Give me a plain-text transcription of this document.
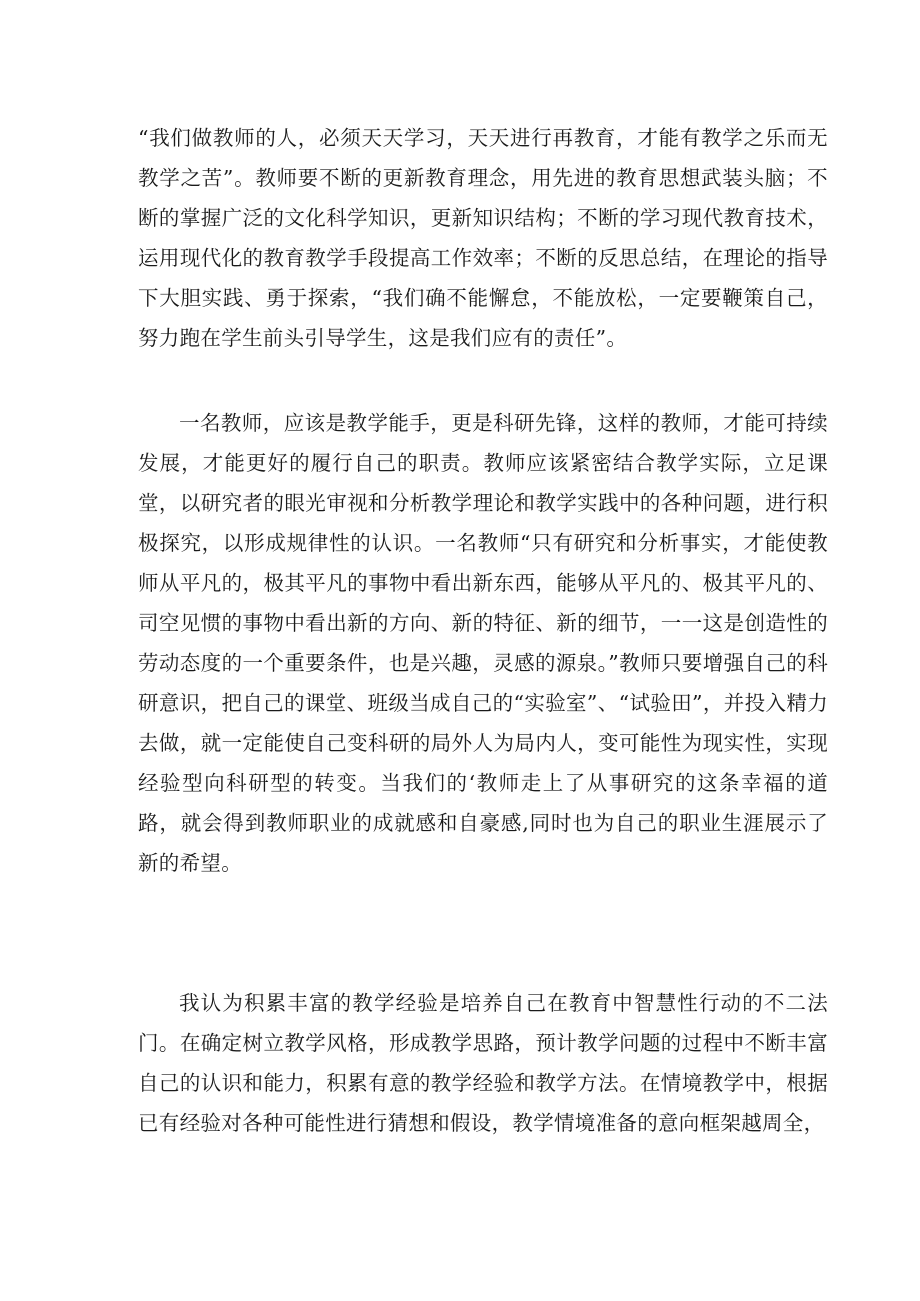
“我们做教师的人，必须天天学习，天天进行再教育，才能有教学之乐而无教学之苦”。教师要不断的更新教育理念，用先进的教育思想武装头脑；不断的掌握广泛的文化科学知识，更新知识结构；不断的学习现代教育技术，运用现代化的教育教学手段提高工作效率；不断的反思总结，在理论的指导下大胆实践、勇于探索，“我们确不能懈怠，不能放松，一定要鞭策自己，努力跑在学生前头引导学生，这是我们应有的责任”。

一名教师，应该是教学能手，更是科研先锋，这样的教师，才能可持续发展，才能更好的履行自己的职责。教师应该紧密结合教学实际，立足课堂，以研究者的眼光审视和分析教学理论和教学实践中的各种问题，进行积极探究，以形成规律性的认识。一名教师“只有研究和分析事实，才能使教师从平凡的，极其平凡的事物中看出新东西，能够从平凡的、极其平凡的、司空见惯的事物中看出新的方向、新的特征、新的细节，一一这是创造性的劳动态度的一个重要条件，也是兴趣，灵感的源泉。”教师只要增强自己的科研意识，把自己的课堂、班级当成自己的“实验室”、“试验田”，并投入精力去做，就一定能使自己变科研的局外人为局内人，变可能性为现实性，实现经验型向科研型的转变。当我们的‘教师走上了从事研究的这条幸福的道路，就会得到教师职业的成就感和自豪感,同时也为自己的职业生涯展示了新的希望。

我认为积累丰富的教学经验是培养自己在教育中智慧性行动的不二法门。在确定树立教学风格，形成教学思路，预计教学问题的过程中不断丰富自己的认识和能力，积累有意的教学经验和教学方法。在情境教学中，根据已有经验对各种可能性进行猜想和假设，教学情境准备的意向框架越周全，
